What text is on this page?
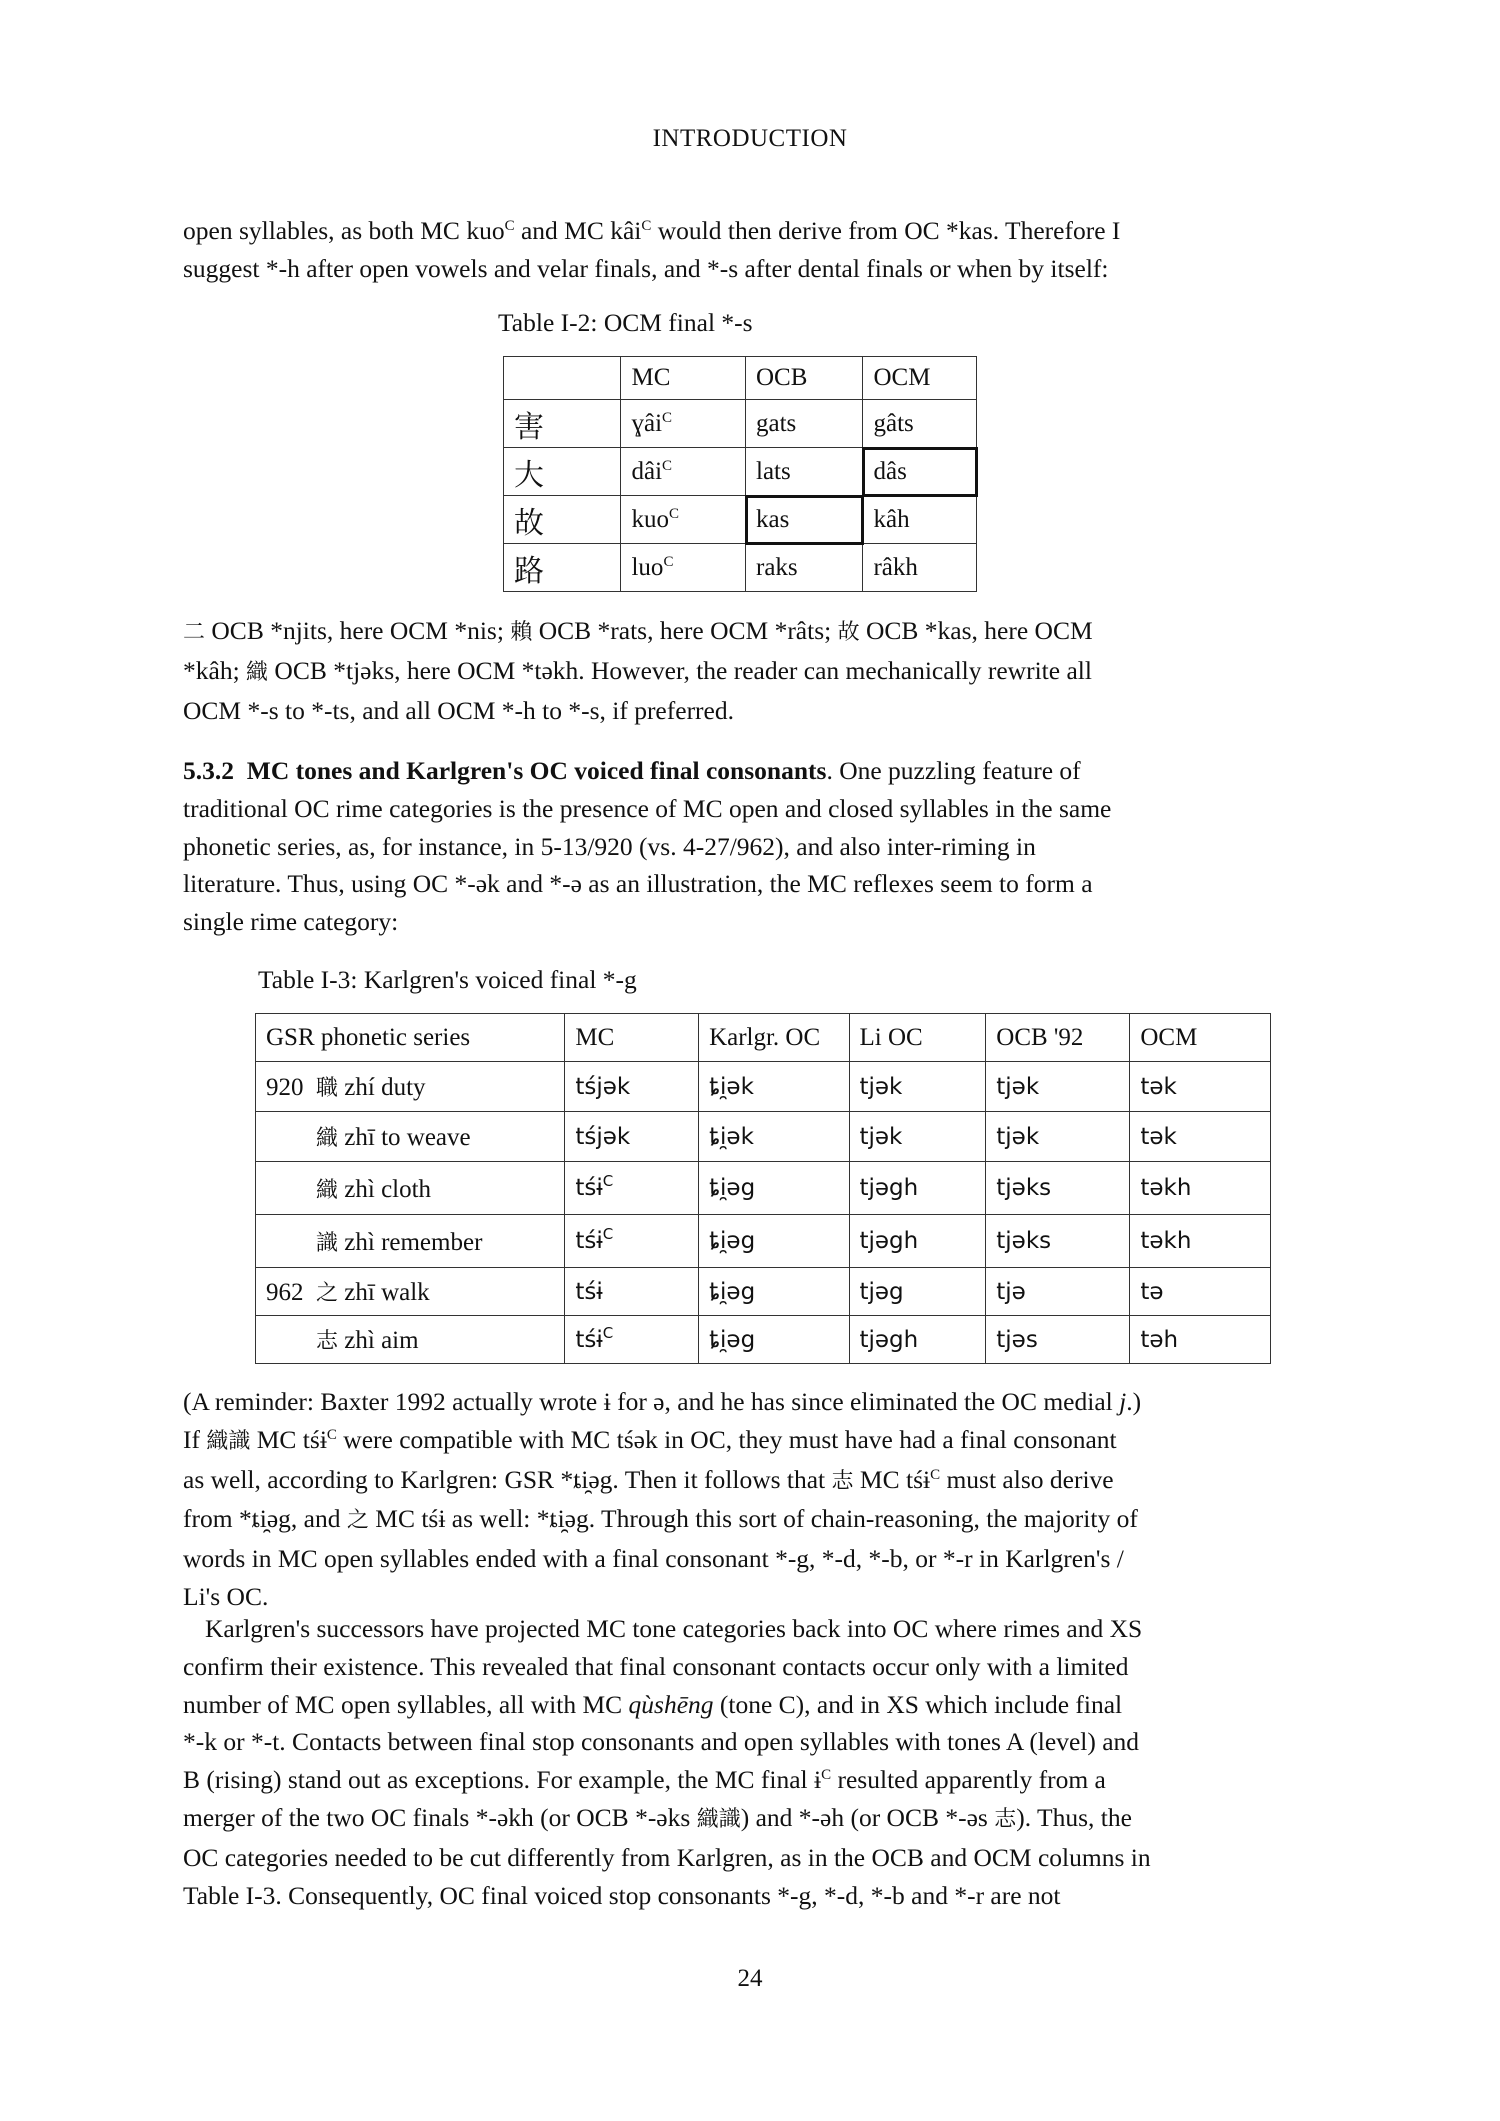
INTRODUCTION
open syllables, as both MC kuo$^C$ and MC kâi$^C$ would then derive from OC *kas. Therefore I
suggest *-h after open vowels and velar finals, and *-s after dental finals or when by itself:
Table I-2: OCM final *-s
	MC	OCB	OCM
害	ɣâi$^C$	gats	gâts
大	dâi$^C$	lats	dâs
故	kuo$^C$	kas	kâh
路	luo$^C$	raks	râkh
二 OCB *njits, here OCM *nis; 賴 OCB *rats, here OCM *râts; 故 OCB *kas, here OCM
*kâh; 織 OCB *tjəks, here OCM *təkh. However, the reader can mechanically rewrite all
OCM *-s to *-ts, and all OCM *-h to *-s, if preferred.
5.3.2 MC tones and Karlgren's OC voiced final consonants. One puzzling feature of
traditional OC rime categories is the presence of MC open and closed syllables in the same
phonetic series, as, for instance, in 5-13/920 (vs. 4-27/962), and also inter-riming in
literature. Thus, using OC *-ək and *-ə as an illustration, the MC reflexes seem to form a
single rime category:
Table I-3: Karlgren's voiced final *-g
GSR phonetic series	MC	Karlgr. OC	Li OC	OCB '92	OCM
920 職 zhí duty	tśjək	ȶi̯ək	tjək	tjək	tək
織 zhī to weave	tśjək	ȶi̯ək	tjək	tjək	tək
織 zhì cloth	tśɨ$^C$	ȶi̯əg	tjəgh	tjəks	təkh
識 zhì remember	tśɨ$^C$	ȶi̯əg	tjəgh	tjəks	təkh
962 之 zhī walk	tśɨ	ȶi̯əg	tjəg	tjə	tə
志 zhì aim	tśɨ$^C$	ȶi̯əg	tjəgh	tjəs	təh
(A reminder: Baxter 1992 actually wrote ɨ for ə, and he has since eliminated the OC medial j.)
If 織識 MC tśɨ$^C$ were compatible with MC tśək in OC, they must have had a final consonant
as well, according to Karlgren: GSR *ȶi̯əg. Then it follows that 志 MC tśɨ$^C$ must also derive
from *ȶi̯əg, and 之 MC tśɨ as well: *ȶi̯əg. Through this sort of chain-reasoning, the majority of
words in MC open syllables ended with a final consonant *-g, *-d, *-b, or *-r in Karlgren's /
Li's OC.
Karlgren's successors have projected MC tone categories back into OC where rimes and XS
confirm their existence. This revealed that final consonant contacts occur only with a limited
number of MC open syllables, all with MC qùshēng (tone C), and in XS which include final
*-k or *-t. Contacts between final stop consonants and open syllables with tones A (level) and
B (rising) stand out as exceptions. For example, the MC final ɨ$^C$ resulted apparently from a
merger of the two OC finals *-əkh (or OCB *-əks 織識) and *-əh (or OCB *-əs 志). Thus, the
OC categories needed to be cut differently from Karlgren, as in the OCB and OCM columns in
Table I-3. Consequently, OC final voiced stop consonants *-g, *-d, *-b and *-r are not
24
